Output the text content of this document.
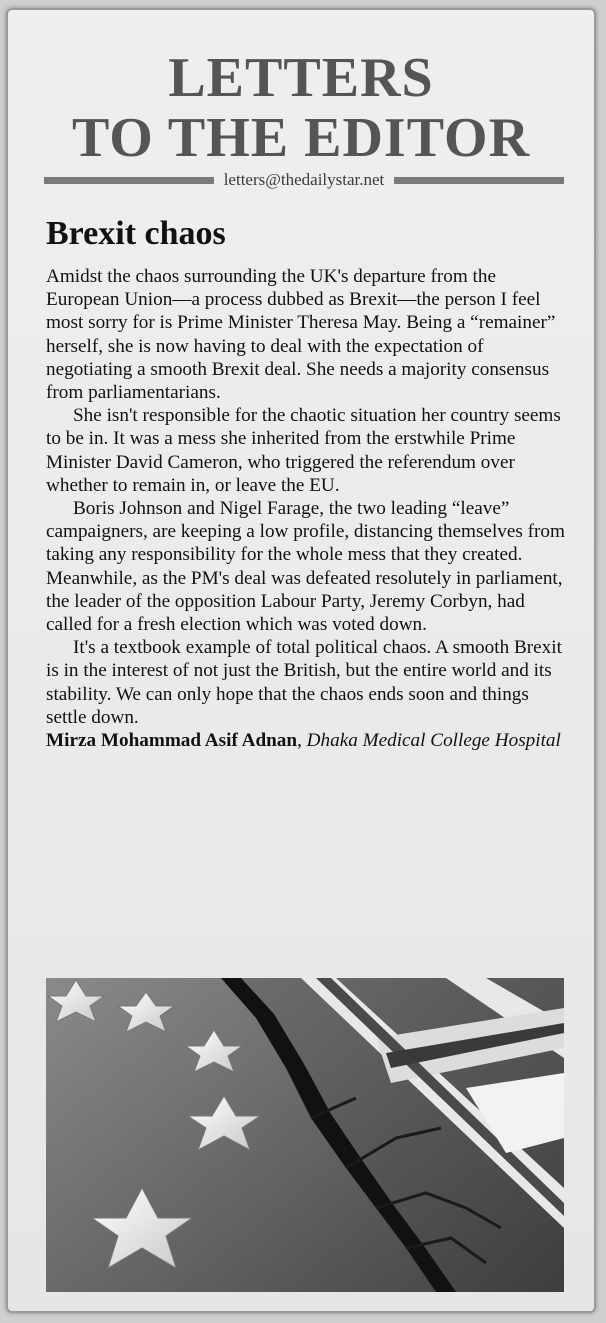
LETTERS
TO THE EDITOR
letters@thedailystar.net
Brexit chaos

Amidst the chaos surrounding the UK's departure from the European Union—a process dubbed as Brexit—the person I feel most sorry for is Prime Minister Theresa May. Being a “remainer” herself, she is now having to deal with the expectation of negotiating a smooth Brexit deal. She needs a majority consensus from parliamentarians.

She isn't responsible for the chaotic situation her country seems to be in. It was a mess she inherited from the erstwhile Prime Minister David Cameron, who triggered the referendum over whether to remain in, or leave the EU.

Boris Johnson and Nigel Farage, the two leading “leave” campaigners, are keeping a low profile, distancing themselves from taking any responsibility for the whole mess that they created. Meanwhile, as the PM's deal was defeated resolutely in parliament, the leader of the opposition Labour Party, Jeremy Corbyn, had called for a fresh election which was voted down.

It's a textbook example of total political chaos. A smooth Brexit is in the interest of not just the British, but the entire world and its stability. We can only hope that the chaos ends soon and things settle down.

Mirza Mohammad Asif Adnan, Dhaka Medical College Hospital
